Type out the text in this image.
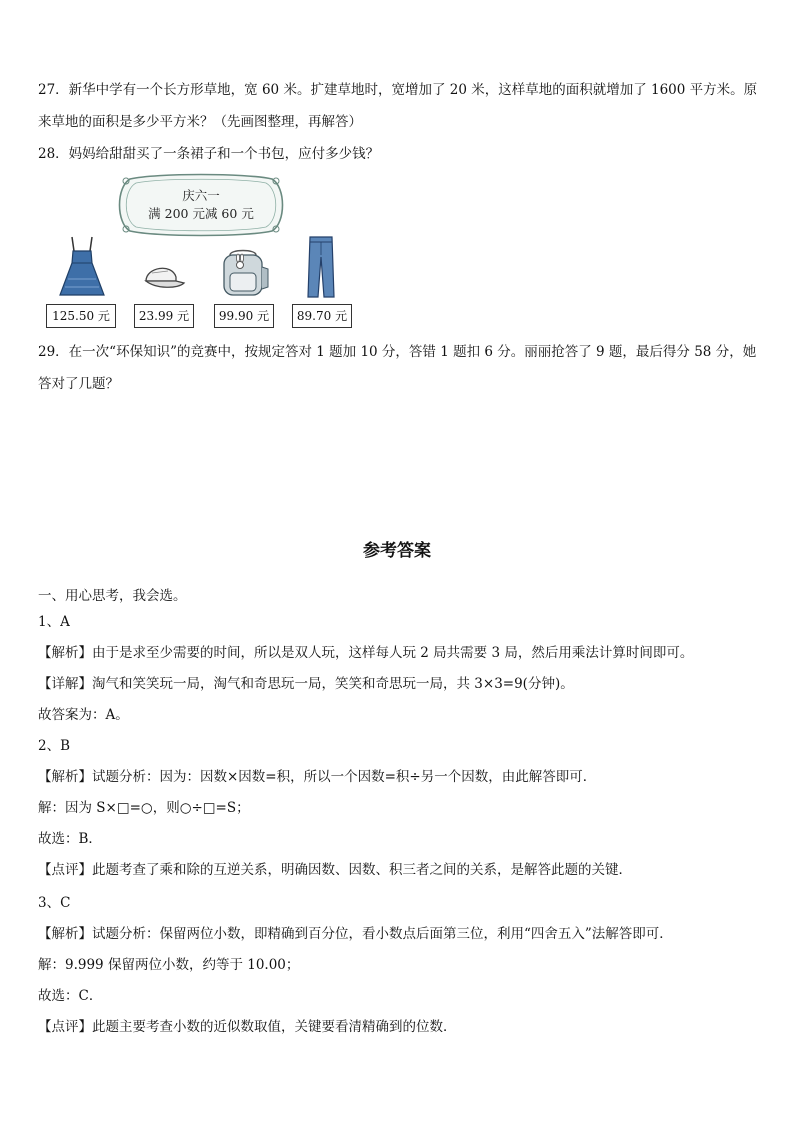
27．新华中学有一个长方形草地，宽 60 米。扩建草地时，宽增加了 20 米，这样草地的面积就增加了 1600 平方米。原
来草地的面积是多少平方米？（先画图整理，再解答）
28．妈妈给甜甜买了一条裙子和一个书包，应付多少钱？
庆六一
满 200 元减 60 元
125.50 元	23.99 元	99.90 元	89.70 元
29．在一次“环保知识”的竞赛中，按规定答对 1 题加 10 分，答错 1 题扣 6 分。丽丽抢答了 9 题，最后得分 58 分，她
答对了几题？
参考答案
一、用心思考，我会选。
1、A
【解析】由于是求至少需要的时间，所以是双人玩，这样每人玩 2 局共需要 3 局，然后用乘法计算时间即可。
【详解】淘气和笑笑玩一局，淘气和奇思玩一局，笑笑和奇思玩一局，共 3×3=9(分钟)。
故答案为：A。
2、B
【解析】试题分析：因为：因数×因数=积，所以一个因数=积÷另一个因数，由此解答即可．
解：因为 S×□=○，则○÷□=S；
故选：B．
【点评】此题考查了乘和除的互逆关系，明确因数、因数、积三者之间的关系，是解答此题的关键．
3、C
【解析】试题分析：保留两位小数，即精确到百分位，看小数点后面第三位，利用“四舍五入”法解答即可．
解：9.999 保留两位小数，约等于 10.00；
故选：C．
【点评】此题主要考查小数的近似数取值，关键要看清精确到的位数．
